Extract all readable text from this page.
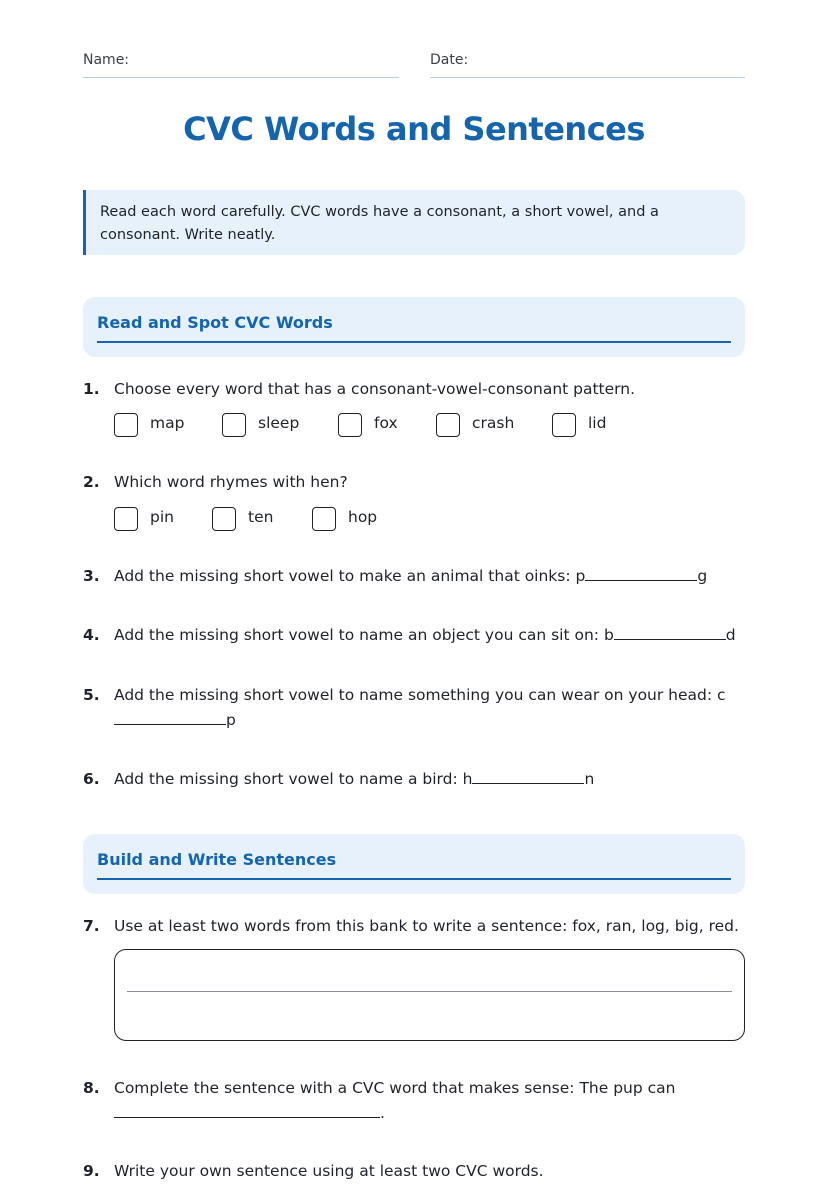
Name:	Date:
CVC Words and Sentences
Read each word carefully. CVC words have a consonant, a short vowel, and a consonant. Write neatly.
Read and Spot CVC Words
1. Choose every word that has a consonant-vowel-consonant pattern.
map	sleep	fox	crash	lid
2. Which word rhymes with hen?
pin	ten	hop
3. Add the missing short vowel to make an animal that oinks: p	g
4. Add the missing short vowel to name an object you can sit on: b	d
5. Add the missing short vowel to name something you can wear on your head: c
p
6. Add the missing short vowel to name a bird: h	n
Build and Write Sentences
7. Use at least two words from this bank to write a sentence: fox, ran, log, big, red.
8. Complete the sentence with a CVC word that makes sense: The pup can
.
9. Write your own sentence using at least two CVC words.
